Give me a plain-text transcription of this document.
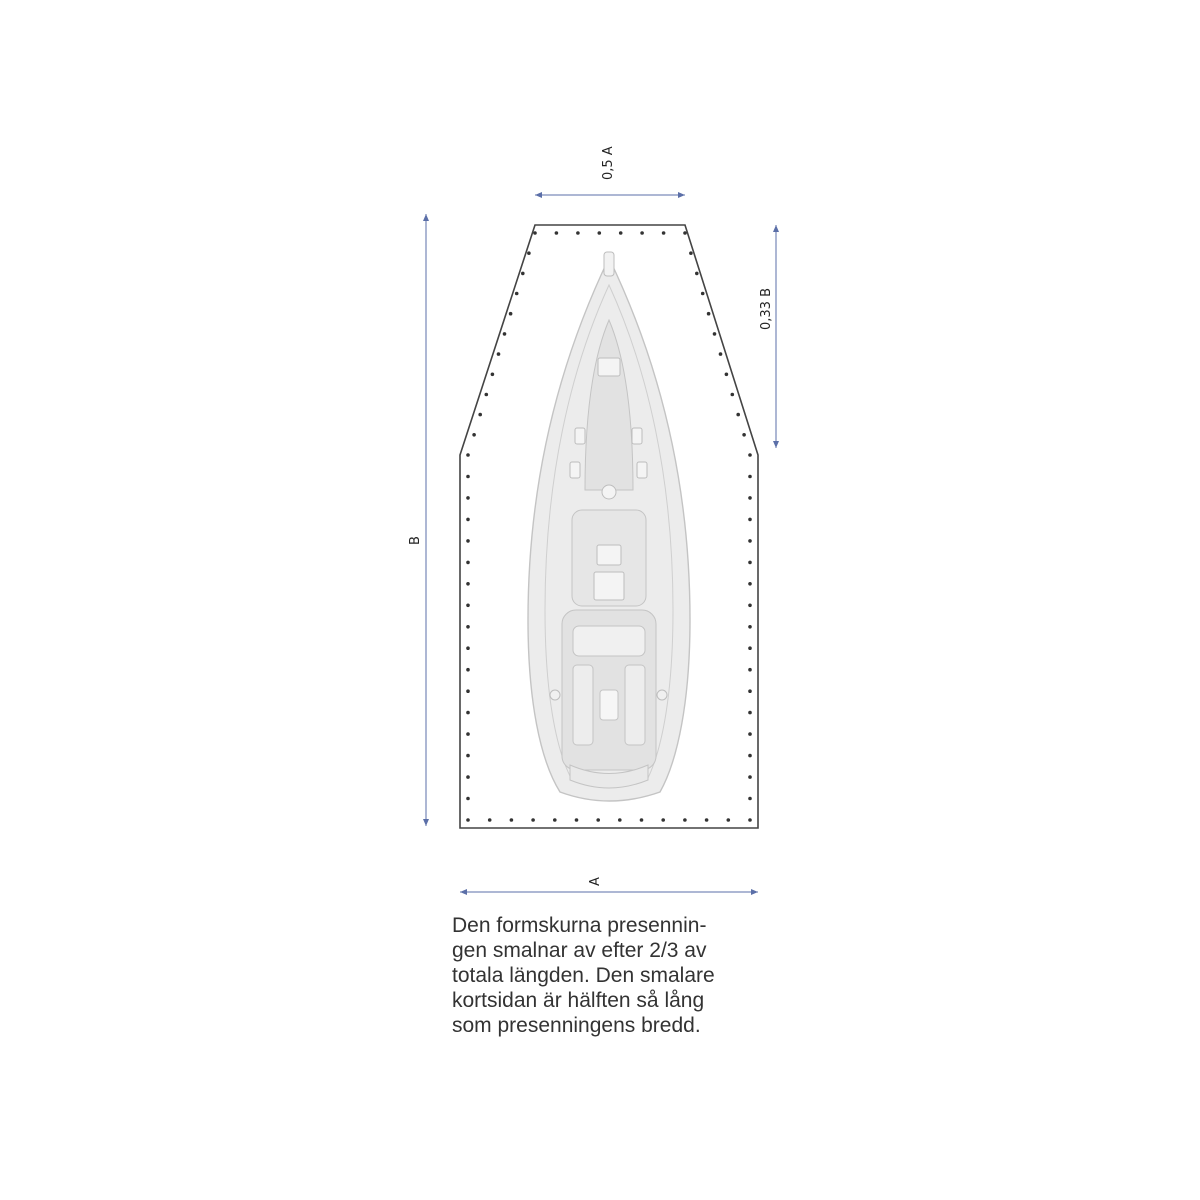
0,5 A
0,33 B
B
A
Den formskurna presennin-
gen smalnar av efter 2/3 av
totala längden. Den smalare
kortsidan är hälften så lång
som presenningens bredd.
